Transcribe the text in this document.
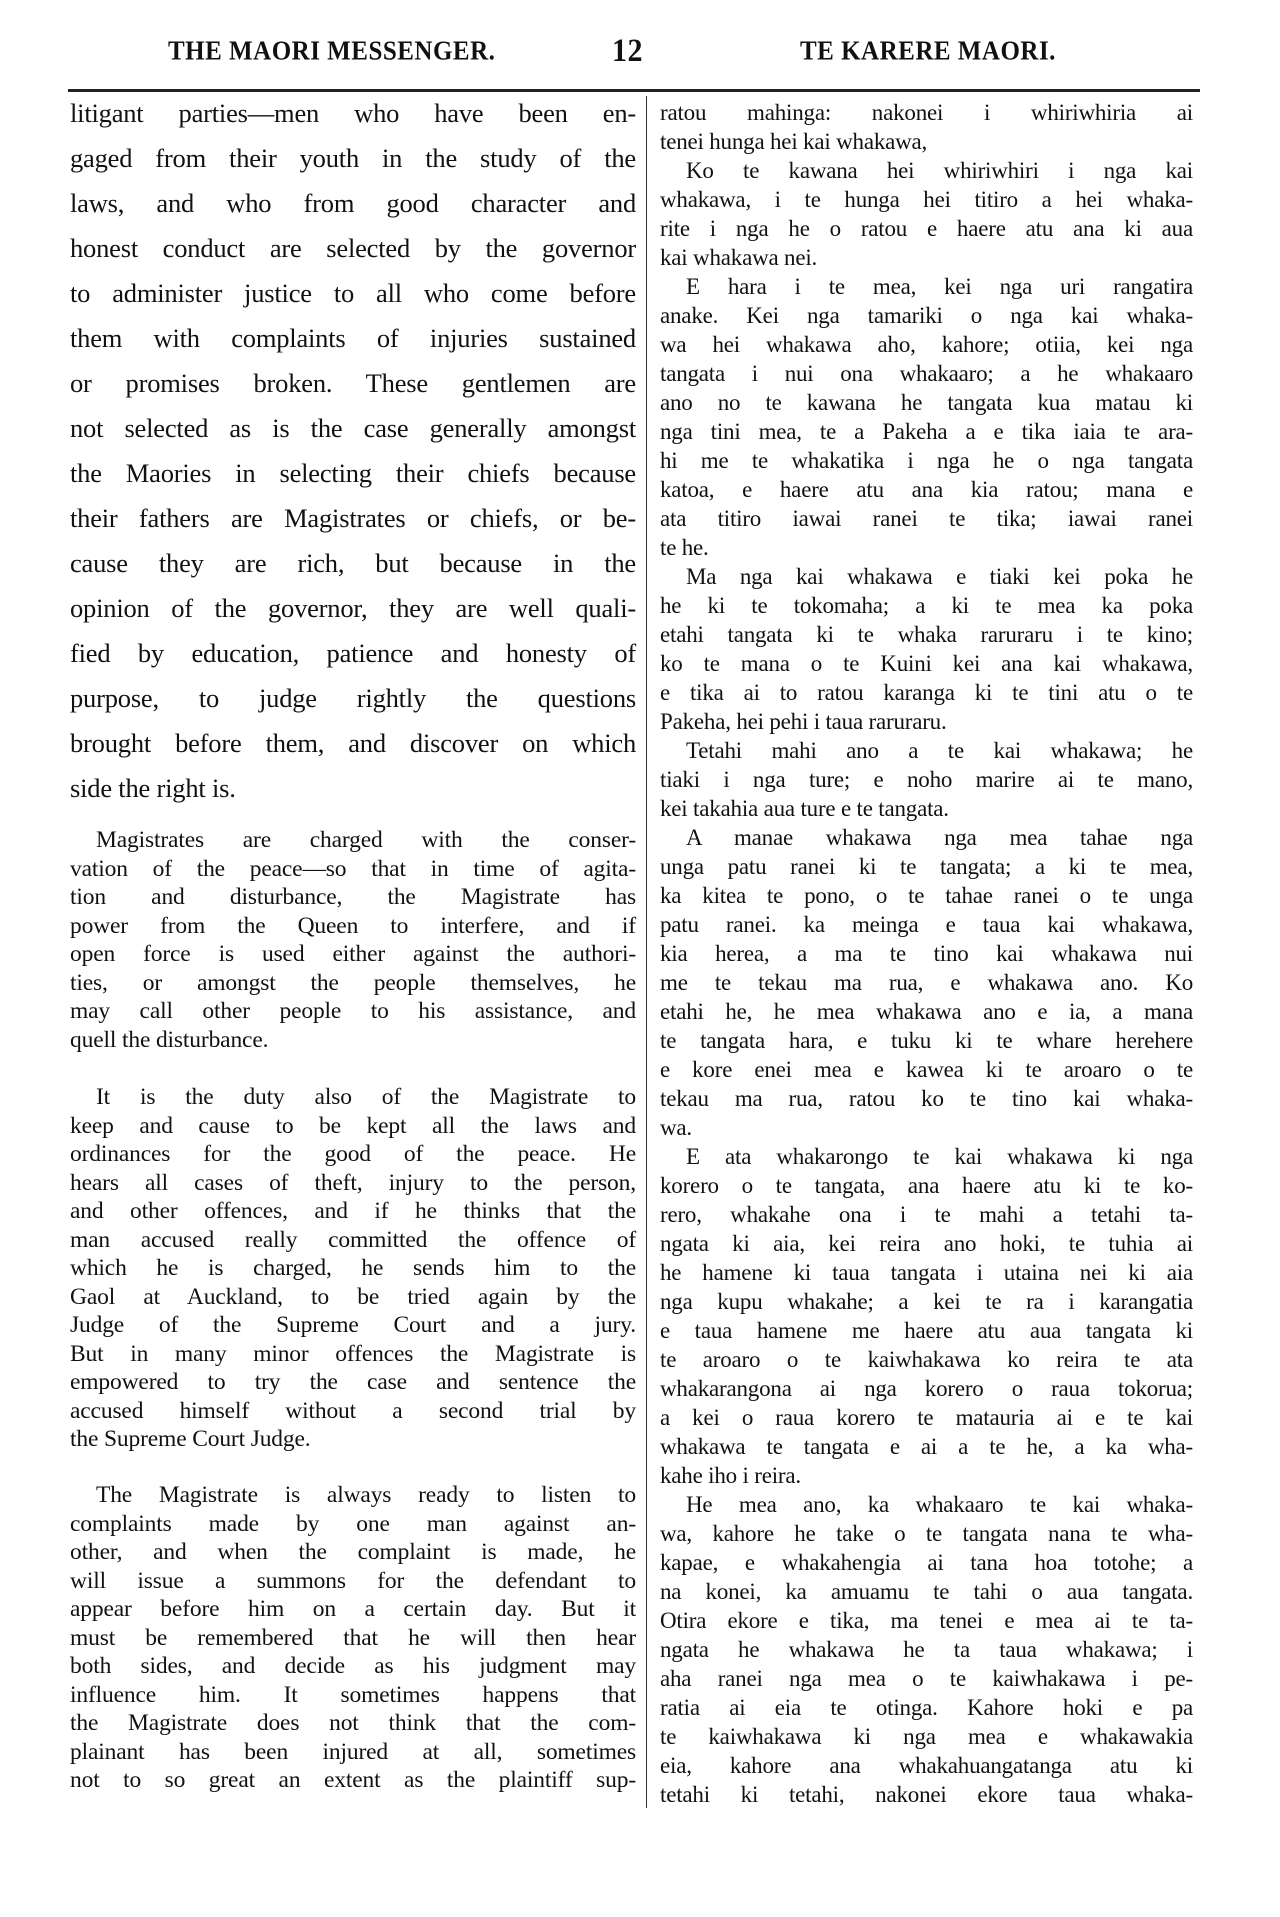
THE MAORI MESSENGER.	12	TE KARERE MAORI.
litigant parties—men who have been en-
gaged from their youth in the study of the
laws, and who from good character and
honest conduct are selected by the governor
to administer justice to all who come before
them with complaints of injuries sustained
or promises broken. These gentlemen are
not selected as is the case generally amongst
the Maories in selecting their chiefs because
their fathers are Magistrates or chiefs, or be-
cause they are rich, but because in the
opinion of the governor, they are well quali-
fied by education, patience and honesty of
purpose, to judge rightly the questions
brought before them, and discover on which
side the right is.
Magistrates are charged with the conser-
vation of the peace—so that in time of agita-
tion and disturbance, the Magistrate has
power from the Queen to interfere, and if
open force is used either against the authori-
ties, or amongst the people themselves, he
may call other people to his assistance, and
quell the disturbance.
It is the duty also of the Magistrate to
keep and cause to be kept all the laws and
ordinances for the good of the peace. He
hears all cases of theft, injury to the person,
and other offences, and if he thinks that the
man accused really committed the offence of
which he is charged, he sends him to the
Gaol at Auckland, to be tried again by the
Judge of the Supreme Court and a jury.
But in many minor offences the Magistrate is
empowered to try the case and sentence the
accused himself without a second trial by
the Supreme Court Judge.
The Magistrate is always ready to listen to
complaints made by one man against an-
other, and when the complaint is made, he
will issue a summons for the defendant to
appear before him on a certain day. But it
must be remembered that he will then hear
both sides, and decide as his judgment may
influence him. It sometimes happens that
the Magistrate does not think that the com-
plainant has been injured at all, sometimes
not to so great an extent as the plaintiff sup-
ratou mahinga: nakonei i whiriwhiria ai
tenei hunga hei kai whakawa,
Ko te kawana hei whiriwhiri i nga kai
whakawa, i te hunga hei titiro a hei whaka-
rite i nga he o ratou e haere atu ana ki aua
kai whakawa nei.
E hara i te mea, kei nga uri rangatira
anake. Kei nga tamariki o nga kai whaka-
wa hei whakawa aho, kahore; otiia, kei nga
tangata i nui ona whakaaro; a he whakaaro
ano no te kawana he tangata kua matau ki
nga tini mea, te a Pakeha a e tika iaia te ara-
hi me te whakatika i nga he o nga tangata
katoa, e haere atu ana kia ratou; mana e
ata titiro iawai ranei te tika; iawai ranei
te he.
Ma nga kai whakawa e tiaki kei poka he
he ki te tokomaha; a ki te mea ka poka
etahi tangata ki te whaka raruraru i te kino;
ko te mana o te Kuini kei ana kai whakawa,
e tika ai to ratou karanga ki te tini atu o te
Pakeha, hei pehi i taua raruraru.
Tetahi mahi ano a te kai whakawa; he
tiaki i nga ture; e noho marire ai te mano,
kei takahia aua ture e te tangata.
A manae whakawa nga mea tahae nga
unga patu ranei ki te tangata; a ki te mea,
ka kitea te pono, o te tahae ranei o te unga
patu ranei. ka meinga e taua kai whakawa,
kia herea, a ma te tino kai whakawa nui
me te tekau ma rua, e whakawa ano. Ko
etahi he, he mea whakawa ano e ia, a mana
te tangata hara, e tuku ki te whare herehere
e kore enei mea e kawea ki te aroaro o te
tekau ma rua, ratou ko te tino kai whaka-
wa.
E ata whakarongo te kai whakawa ki nga
korero o te tangata, ana haere atu ki te ko-
rero, whakahe ona i te mahi a tetahi ta-
ngata ki aia, kei reira ano hoki, te tuhia ai
he hamene ki taua tangata i utaina nei ki aia
nga kupu whakahe; a kei te ra i karangatia
e taua hamene me haere atu aua tangata ki
te aroaro o te kaiwhakawa ko reira te ata
whakarangona ai nga korero o raua tokorua;
a kei o raua korero te matauria ai e te kai
whakawa te tangata e ai a te he, a ka wha-
kahe iho i reira.
He mea ano, ka whakaaro te kai whaka-
wa, kahore he take o te tangata nana te wha-
kapae, e whakahengia ai tana hoa totohe; a
na konei, ka amuamu te tahi o aua tangata.
Otira ekore e tika, ma tenei e mea ai te ta-
ngata he whakawa he ta taua whakawa; i
aha ranei nga mea o te kaiwhakawa i pe-
ratia ai eia te otinga. Kahore hoki e pa
te kaiwhakawa ki nga mea e whakawakia
eia, kahore ana whakahuangatanga atu ki
tetahi ki tetahi, nakonei ekore taua whaka-
